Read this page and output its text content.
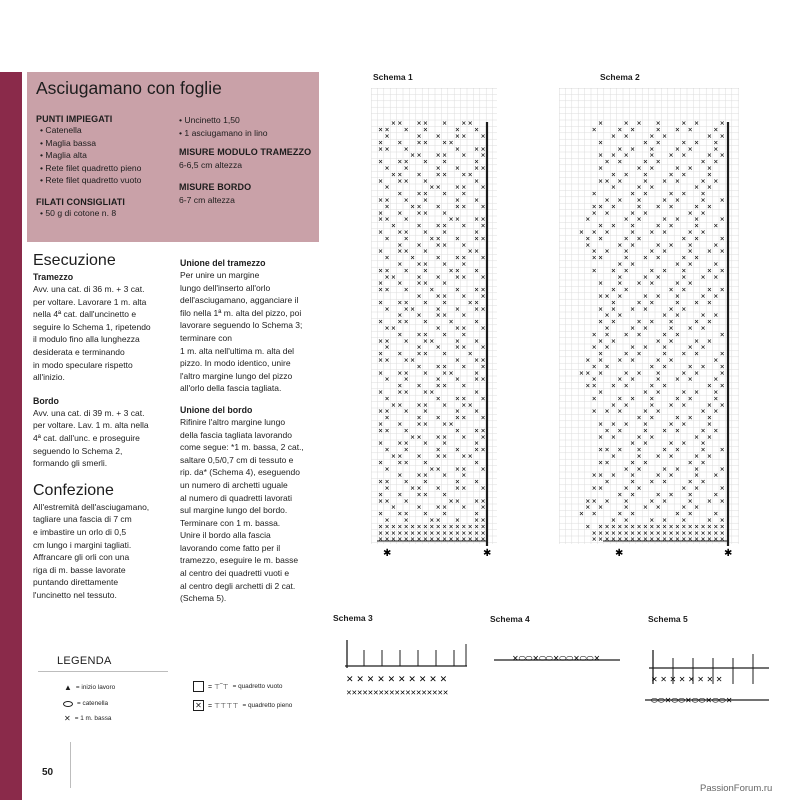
Asciugamano con foglie
PUNTI IMPIEGATI
• Catenella
• Maglia bassa
• Maglia alta
• Rete filet quadretto pieno
• Rete filet quadretto vuoto
FILATI CONSIGLIATI
• 50 g di cotone n. 8
• Uncinetto 1,50
• 1 asciugamano in lino
MISURE MODULO TRAMEZZO
6-6,5 cm altezza
MISURE BORDO
6-7 cm altezza
Esecuzione
Tramezzo
Avv. una cat. di 36 m. + 3 cat.
per voltare. Lavorare 1 m. alta
nella 4ª cat. dall'uncinetto e
seguire lo Schema 1, ripetendo
il modulo fino alla lunghezza
desiderata e terminando
in modo speculare rispetto
all'inizio.
Bordo
Avv. una cat. di 39 m. + 3 cat.
per voltare. Lav. 1 m. alta nella
4ª cat. dall'unc. e proseguire
seguendo lo Schema 2,
formando gli smerli.
Confezione
All'estremità dell'asciugamano,
tagliare una fascia di 7 cm
e imbastire un orlo di 0,5
cm lungo i margini tagliati.
Affrancare gli orli con una
riga di m. basse lavorate
puntando direttamente
l'uncinetto nel tessuto.
Unione del tramezzo
Per unire un margine
lungo dell'inserto all'orlo
dell'asciugamano, agganciare il
filo nella 1ª m. alta del pizzo, poi
lavorare seguendo lo Schema 3;
terminare con
1 m. alta nell'ultima m. alta del
pizzo. In modo identico, unire
l'altro margine lungo del pizzo
all'orlo della fascia tagliata.
Unione del bordo
Rifinire l'altro margine lungo
della fascia tagliata lavorando
come segue: *1 m. bassa, 2 cat.,
saltare 0,5/0,7 cm di tessuto e
rip. da* (Schema 4), eseguendo
un numero di archetti uguale
al numero di quadretti lavorati
sul margine lungo del bordo.
Terminare con 1 m. bassa.
Unire il bordo alla fascia
lavorando come fatto per il
tramezzo, eseguire le m. basse
al centro dei quadretti vuoti e
al centro degli archetti di 2 cat.
(Schema 5).
Schema 1	Schema 2
Schema 3	Schema 4	Schema 5
× × × × × × ×
× × × ×	× ×
×	× × × × ×
× × × × × ×
× × ×	× × ×
× × × × × ×
× × × × ×	×
× ×	× × × ×
× × × × × × ×
× × × ×	×
×	× × × × ×
× × × × ×
× × × ×	× ×
×	× × × × × ×
× × × × ×
× × ×	× × × ×
×	× × × × ×
× × × × ×	×
× ×	× × × × ×
× × × × ×
× × × ×	× ×
×	×	× × × ×
× × × × ×
× × × ×	× × ×
× ×	× × × × ×
× × × × ×
× × ×	×	× × ×
× × × × ×
× × × × ×	× ×
× × ×	× × × ×
× × × × ×
× × × ×	×	×
× ×	× × × ×
× × × × ×
× × × × ×	× ×
×	× × × × ×
× × × × ×	×
× × × ×	× × ×
× × × × ×
× × × × × ×	×
× ×	× × × ×
× × × × ×
× × × × ×	×
×	× × × ×
× × × × × × ×
× × × ×	× ×
×	× × × × ×
× × × × × ×
× × ×	× × ×
× × × × × ×
× × × × ×	×
× ×	× × × ×
× × × × × × ×
× × × ×	×
×	× × × × ×
× × × × ×
× × × ×	× ×
×	× × × × × ×
× × × × ×
× × ×	× × × ×
×	× × × × ×
× × × × ×	×
× ×	× × × × ×
× × × × × × × × × × × × × × × × ×
× × × × × × × × × × × × × × × × ×
× × × × × × × × × × × × × × × × ×
✱	✱
×	× × ×	× ×	×
×	× ×	× × ×	×
× ×	× ×	× ×
×	× ×	× × ×
× × ×	× ×	×
× × ×	× × ×	× ×
× ×	× ×	× ×
×	× ×	× × ×
× × ×	× ×	×
× × ×	× × ×	× ×
×	× ×	× ×
×	× ×	× × ×
× × ×	× ×	× ×
× × ×	× × ×	× ×
× ×	× ×	× ×
×	× ×	× × ×	×
× × ×	× ×	× ×
× × ×	× × ×	× ×
× ×	× ×	× ×	×
×	× ×	× × ×	×
× × ×	× ×	× × ×
× ×	× × ×	× ×
× ×	× ×	×
× × ×	× × ×	× ×
×	× ×	× × ×
× × × ×	× ×
× ×	× ×	× ×
× × ×	× × ×	× ×
×	× ×	× × ×
× × × ×	× ×
× ×	× ×	× ×
× ×	× × ×	× ×
×	× ×	× × ×
× × × ×	× ×	×
× ×	× ×	× ×
× ×	× × ×	× ×
×	× ×	× × ×	×
× × × ×	× ×	×
× ×	× ×	× × ×
× × ×	× × ×	× ×	×
×	× ×	× × ×	×
× × × ×	× ×	× ×
×	× ×	× × ×
×	× × ×	× ×	×
× ×	× × ×	× ×
× × ×	× ×	× ×
× ×	× × ×
× × × ×	× ×	×
× ×	× × ×	× ×
× ×	× ×	× ×
× ×	× × ×
× × × ×	× ×	× ×
×	× × ×	× ×
× ×	× ×	× ×
× ×	× × ×	×
× × × ×	× ×	× ×
×	× × ×	× ×
× ×	× ×	× ×	×
× ×	× × ×	×
× × × ×	× ×	× × ×
× ×	× × ×	× ×
× ×	× ×	× ×	×
× ×	× × ×	× ×
× × × × × × × × × × × × × × × × × × × × ×
× × × × × × × × × × × × × × × × × × × × ×
× × × × × × × × × × × × × × × × × × × × ×
✱	✱
✕ ✕ ✕ ✕ ✕ ✕ ✕ ✕ ✕ ✕
✕✕✕✕✕✕✕✕✕✕✕✕✕✕✕✕✕✕✕
✕⬭⬭✕⬭⬭✕⬭⬭✕⬭⬭✕
✕ ✕ ✕ ✕ ✕ ✕ ✕ ✕
⬭⬭✕⬭⬭✕⬭⬭✕⬭⬭✕
LEGENDA
▲ = inizio lavoro
= catenella
✕ = 1 m. bassa
= ⊤‾⊤ = quadretto vuoto
✕ = ⊤⊤⊤⊤ = quadretto pieno
50
PassionForum.ru
